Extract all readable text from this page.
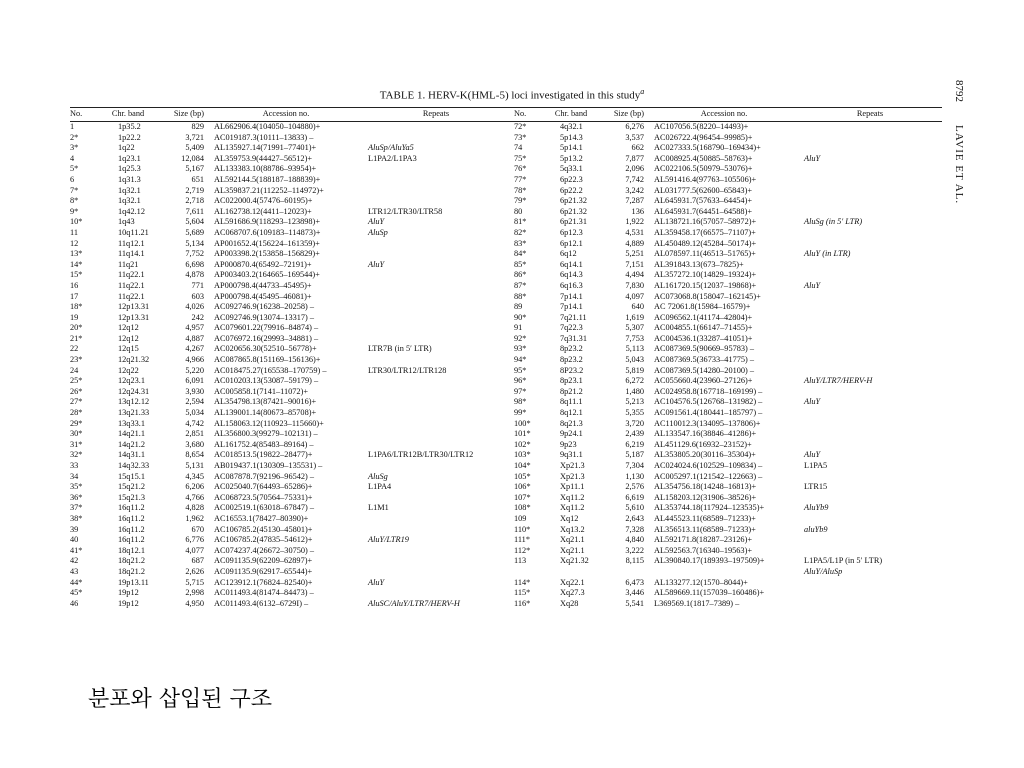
8792
LAVIE ET AL.
TABLE 1. HERV-K(HML-5) loci investigated in this study$^a$
No.	Chr. band	Size (bp)	Accession no.	Repeats	No.	Chr. band	Size (bp)	Accession no.	Repeats
1	1p35.2	829	AL662906.4(104050–104880)+		72*	4q32.1	6,276	AC107056.5(8220–14493)+	
2*	1p22.2	3,721	AC019187.3(10111–13833) –		73*	5p14.3	3,537	AC026722.4(96454–99985)+	
3*	1q22	5,409	AL135927.14(71991–77401)+	AluSp/AluYa5	74	5p14.1	662	AC027333.5(168790–169434)+	
4	1q23.1	12,084	AL359753.9(44427–56512)+	L1PA2/L1PA3	75*	5p13.2	7,877	AC008925.4(50885–58763)+	AluY
5*	1q25.3	5,167	AL133383.10(88786–93954)+		76*	5q33.1	2,096	AC022106.5(50979–53076)+	
6	1q31.3	651	AL592144.5(188187–188839)+		77*	6p22.3	7,742	AL591416.4(97763–105506)+	
7*	1q32.1	2,719	AL359837.21(112252–114972)+		78*	6p22.2	3,242	AL031777.5(62600–65843)+	
8*	1q32.1	2,718	AC022000.4(57476–60195)+		79*	6p21.32	7,287	AL645931.7(57633–64454)+	
9*	1q42.12	7,611	AL162738.12(4411–12023)+	LTR12/LTR30/LTR58	80	6p21.32	136	AL645931.7(64451–64588)+	
10*	1q43	5,604	AL591686.9(118293–123898)+	AluY	81*	6p21.31	1,922	AL138721.16(57057–58972)+	AluSg (in 5′ LTR)
11	10q11.21	5,689	AC068707.6(109183–114873)+	AluSp	82*	6p12.3	4,531	AL359458.17(66575–71107)+	
12	11q12.1	5,134	AP001652.4(156224–161359)+		83*	6p12.1	4,889	AL450489.12(45284–50174)+	
13*	11q14.1	7,752	AP003398.2(153858–156829)+		84*	6q12	5,251	AL078597.11(46513–51765)+	AluY (in LTR)
14*	11q21	6,698	AP000870.4(65492–72191)+	AluY	85*	6q14.1	7,151	AL391843.13(673–7825)+	
15*	11q22.1	4,878	AP003403.2(164665–169544)+		86*	6q14.3	4,494	AL357272.10(14829–19324)+	
16	11q22.1	771	AP000798.4(44733–45495)+		87*	6q16.3	7,830	AL161720.15(12037–19868)+	AluY
17	11q22.1	603	AP000798.4(45495–46081)+		88*	7p14.1	4,097	AC073068.8(158047–162145)+	
18*	12p13.31	4,026	AC092746.9(16238–20258) –		89	7p14.1	640	AC 72061.8(15984–16579)+	
19	12p13.31	242	AC092746.9(13074–13317) –		90*	7q21.11	1,619	AC096562.1(41174–42804)+	
20*	12q12	4,957	AC079601.22(79916–84874) –		91	7q22.3	5,307	AC004855.1(66147–71455)+	
21*	12q12	4,887	AC076972.16(29993–34881) –		92*	7q31.31	7,753	AC004536.1(33287–41051)+	
22	12q15	4,267	AC020656.30(52510–56778)+	LTR7B (in 5′ LTR)	93*	8p23.2	5,113	AC087369.5(90669–95783) –	
23*	12q21.32	4,966	AC087865.8(151169–156136)+		94*	8p23.2	5,043	AC087369.5(36733–41775) –	
24	12q22	5,220	AC018475.27(165538–170759) –	LTR30/LTR12/LTR128	95*	8P23.2	5,819	AC087369.5(14280–20100) –	
25*	12q23.1	6,091	AC010203.13(53087–59179) –		96*	8p23.1	6,272	AC055660.4(23960–27126)+	AluY/LTR7/HERV-H
26*	12q24.31	3,930	AC005858.1(7141–11072)+		97*	8p21.2	1,480	AC024958.8(167718–169199) –	
27*	13q12.12	2,594	AL354798.13(87421–90016)+		98*	8q11.1	5,213	AC104576.5(126768–131982) –	AluY
28*	13q21.33	5,034	AL139001.14(80673–85708)+		99*	8q12.1	5,355	AC091561.4(180441–185797) –	
29*	13q33.1	4,742	AL158063.12(110923–115660)+		100*	8q21.3	3,720	AC110012.3(134095–137806)+	
30*	14q21.1	2,851	AL356800.3(99279–102131) –		101*	9p24.1	2,439	AL133547.16(38846–41286)+	
31*	14q21.2	3,680	AL161752.4(85483–89164) –		102*	9p23	6,219	AL451129.6(16932–23152)+	
32*	14q31.1	8,654	AC018513.5(19822–28477)+	L1PA6/LTR12B/LTR30/LTR12	103*	9q31.1	5,187	AL353805.20(30116–35304)+	AluY
33	14q32.33	5,131	AB019437.1(130309–135531) –		104*	Xp21.3	7,304	AC024024.6(102529–109834) –	L1PA5
34	15q15.1	4,345	AC087878.7(92196–96542) –	AluSg	105*	Xp21.3	1,130	AC005297.1(121542–122663) –	
35*	15q21.2	6,206	AC025040.7(64493–65286)+	L1PA4	106*	Xp11.1	2,576	AL354756.18(14248–16813)+	LTR15
36*	15q21.3	4,766	AC068723.5(70564–75331)+		107*	Xq11.2	6,619	AL158203.12(31906–38526)+	
37*	16q11.2	4,828	AC002519.1(63018–67847) –	L1M1	108*	Xq11.2	5,610	AL353744.18(117924–123535)+	AluYb9
38*	16q11.2	1,962	AC16553.1(78427–80390)+		109	Xq12	2,643	AL445523.11(68589–71233)+	
39	16q11.2	670	AC106785.2(45130–45801)+		110*	Xq13.2	7,328	AL356513.11(68589–71233)+	aluYb9
40	16q11.2	6,776	AC106785.2(47835–54612)+	AluY/LTR19	111*	Xq21.1	4,840	AL592171.8(18287–23126)+	
41*	18q12.1	4,077	AC074237.4(26672–30750) –		112*	Xq21.1	3,222	AL592563.7(16340–19563)+	
42	18q21.2	687	AC091135.9(62209–62897)+		113	Xq21.32	8,115	AL390840.17(189393–197509)+	L1PA5/L1P (in 5′ LTR)
43	18q21.2	2,626	AC091135.9(62917–65544)+						AluY/AluSp
44*	19p13.11	5,715	AC123912.1(76824–82540)+	AluY	114*	Xq22.1	6,473	AL133277.12(1570–8044)+	
45*	19p12	2,998	AC011493.4(81474–84473) –		115*	Xq27.3	3,446	AL589669.11(157039–160486)+	
46	19p12	4,950	AC011493.4(6132–6729I) –	AluSC/AluY/LTR7/HERV-H	116*	Xq28	5,541	L369569.1(1817–7389) –	
분포와 삽입된 구조
